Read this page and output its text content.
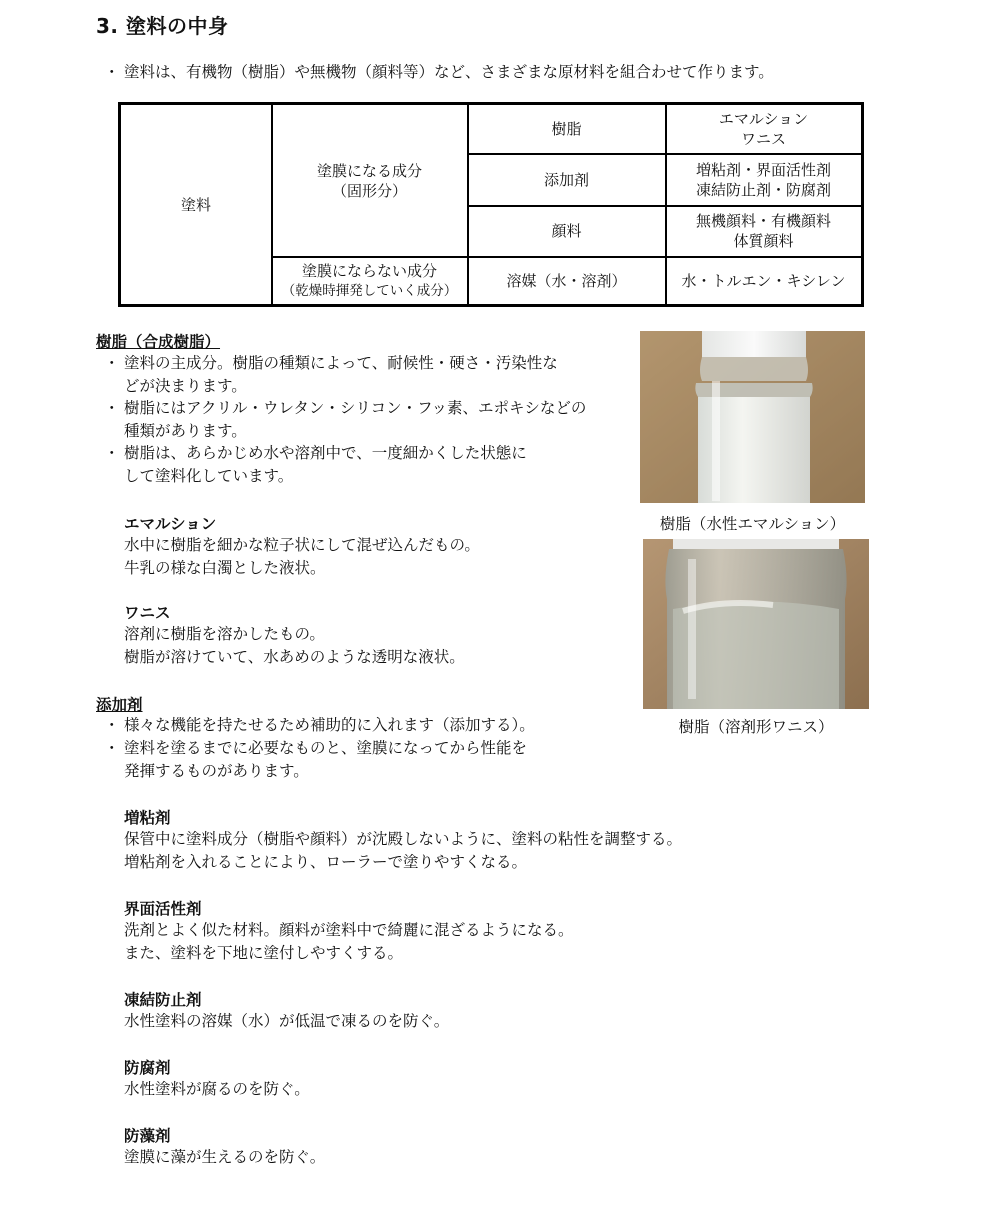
3. 塗料の中身
・ 塗料は、有機物（樹脂）や無機物（顔料等）など、さまざまな原材料を組合わせて作ります。
塗料
塗膜になる成分
（固形分）
塗膜にならない成分
（乾燥時揮発していく成分）
樹脂
エマルション
ワニス
添加剤
増粘剤・界面活性剤
凍結防止剤・防腐剤
顔料
無機顔料・有機顔料
体質顔料
溶媒（水・溶剤）	水・トルエン・キシレン
樹脂（合成樹脂）
・ 塗料の主成分。樹脂の種類によって、耐候性・硬さ・汚染性な
どが決まります。
・ 樹脂にはアクリル・ウレタン・シリコン・フッ素、エポキシなどの
種類があります。
・ 樹脂は、あらかじめ水や溶剤中で、一度細かくした状態に
して塗料化しています。
エマルション
水中に樹脂を細かな粒子状にして混ぜ込んだもの。
牛乳の様な白濁とした液状。
ワニス
溶剤に樹脂を溶かしたもの。
樹脂が溶けていて、水あめのような透明な液状。
樹脂（水性エマルション）
樹脂（溶剤形ワニス）
添加剤
・ 様々な機能を持たせるため補助的に入れます（添加する）。
・ 塗料を塗るまでに必要なものと、塗膜になってから性能を
発揮するものがあります。
増粘剤
保管中に塗料成分（樹脂や顔料）が沈殿しないように、塗料の粘性を調整する。
増粘剤を入れることにより、ローラーで塗りやすくなる。
界面活性剤
洗剤とよく似た材料。顔料が塗料中で綺麗に混ざるようになる。
また、塗料を下地に塗付しやすくする。
凍結防止剤
水性塗料の溶媒（水）が低温で凍るのを防ぐ。
防腐剤
水性塗料が腐るのを防ぐ。
防藻剤
塗膜に藻が生えるのを防ぐ。
